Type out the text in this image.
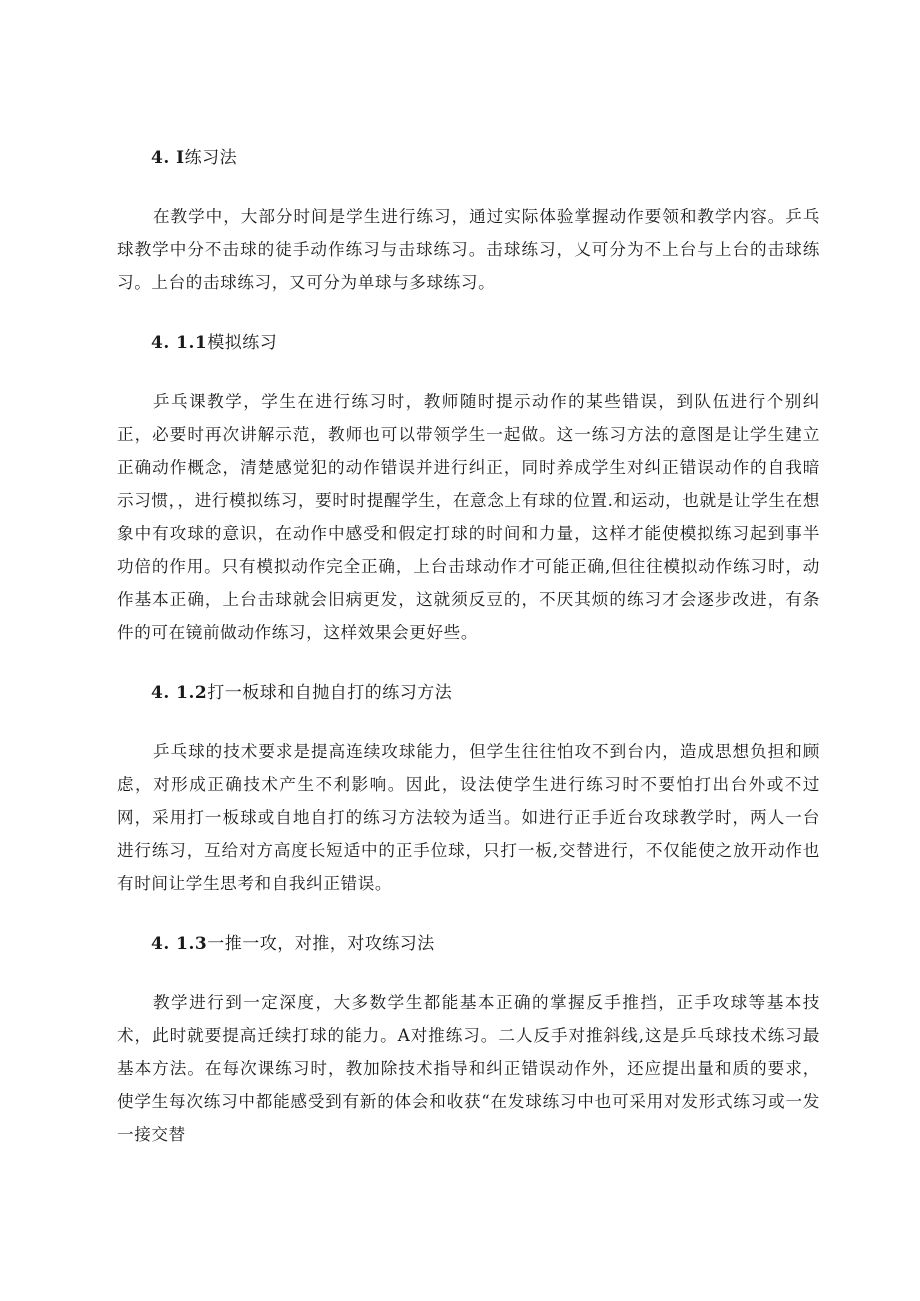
4. I练习法

在教学中，大部分时间是学生进行练习，通过实际体验掌握动作要领和教学内容。乒乓球教学中分不击球的徒手动作练习与击球练习。击球练习，乂可分为不上台与上台的击球练习。上台的击球练习，又可分为单球与多球练习。

4. 1.1模拟练习

乒乓课教学，学生在进行练习时，教师随时提示动作的某些错误，到队伍进行个别纠正，必要时再次讲解示范，教师也可以带领学生一起做。这一练习方法的意图是让学生建立正确动作概念，清楚感觉犯的动作错误并进行纠正，同时养成学生对纠正错误动作的自我暗示习惯，，进行模拟练习，要时时提醒学生，在意念上有球的位置.和运动，也就是让学生在想象中有攻球的意识，在动作中感受和假定打球的时间和力量，这样才能使模拟练习起到事半功倍的作用。只有模拟动作完全正确，上台击球动作才可能正确,但往往模拟动作练习时，动作基本正确，上台击球就会旧病更发，这就须反豆的，不厌其烦的练习才会逐步改进，有条件的可在镜前做动作练习，这样效果会更好些。

4. 1.2打一板球和自抛自打的练习方法

乒乓球的技术要求是提高连续攻球能力，但学生往往怕攻不到台内，造成思想负担和顾虑，对形成正确技术产生不利影响。因此，设法使学生进行练习时不要怕打出台外或不过网，采用打一板球或自地自打的练习方法较为适当。如进行正手近台攻球教学时，两人一台进行练习，互给对方高度长短适中的正手位球，只打一板,交替进行，不仅能使之放开动作也有时间让学生思考和自我纠正错误。

4. 1.3一推一攻，对推，对攻练习法

教学进行到一定深度，大多数学生都能基本正确的掌握反手推挡，正手攻球等基本技术，此时就要提高迁续打球的能力。A对推练习。二人反手对推斜线,这是乒乓球技术练习最基本方法。在每次课练习时，教加除技术指导和纠正错误动作外，还应提出量和质的要求，使学生每次练习中都能感受到有新的体会和收获“在发球练习中也可采用对发形式练习或一发一接交替
